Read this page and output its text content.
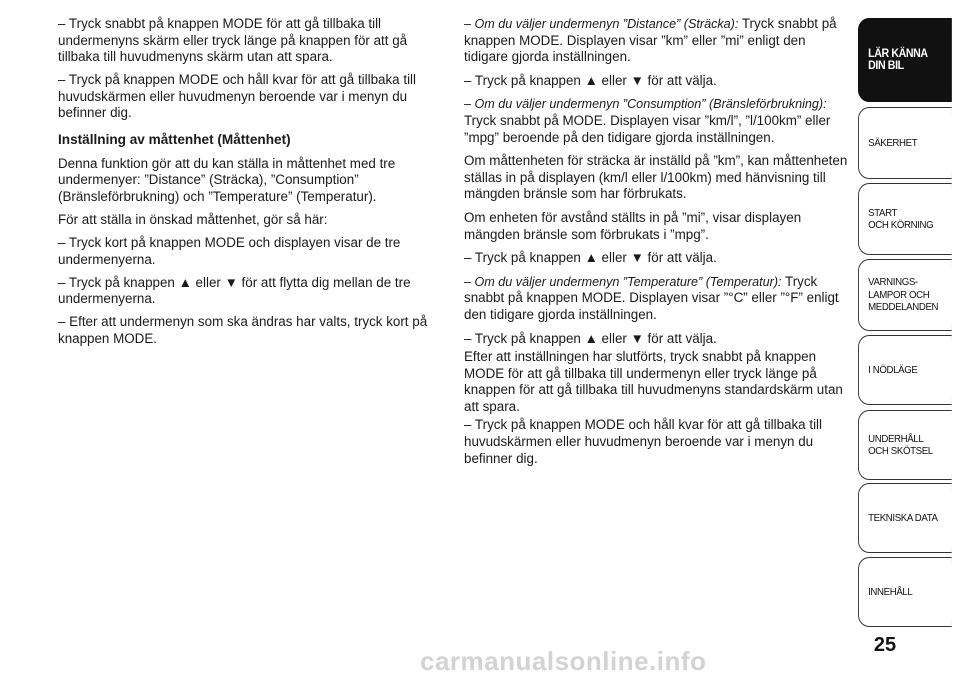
– Tryck snabbt på knappen MODE för att gå tillbaka till undermenyns skärm eller tryck länge på knappen för att gå tillbaka till huvudmenyns skärm utan att spara.

– Tryck på knappen MODE och håll kvar för att gå tillbaka till huvudskärmen eller huvudmenyn beroende var i menyn du befinner dig.

Inställning av måttenhet (Måttenhet)

Denna funktion gör att du kan ställa in måttenhet med tre undermenyer: ”Distance” (Sträcka), ”Consumption” (Bränsleförbrukning) och ”Temperature” (Temperatur).

För att ställa in önskad måttenhet, gör så här:

– Tryck kort på knappen MODE och displayen visar de tre undermenyerna.

– Tryck på knappen ▲ eller ▼ för att flytta dig mellan de tre undermenyerna.

– Efter att undermenyn som ska ändras har valts, tryck kort på knappen MODE.

– Om du väljer undermenyn ”Distance” (Sträcka): Tryck snabbt på knappen MODE. Displayen visar ”km” eller ”mi” enligt den tidigare gjorda inställningen.

– Tryck på knappen ▲ eller ▼ för att välja.

– Om du väljer undermenyn ”Consumption” (Bränsleförbrukning): Tryck snabbt på MODE. Displayen visar ”km/l”, ”l/100km” eller ”mpg” beroende på den tidigare gjorda inställningen.

Om måttenheten för sträcka är inställd på ”km”, kan måttenheten ställas in på displayen (km/l eller l/100km) med hänvisning till mängden bränsle som har förbrukats.

Om enheten för avstånd ställts in på ”mi”, visar displayen mängden bränsle som förbrukats i ”mpg”.

– Tryck på knappen ▲ eller ▼ för att välja.

– Om du väljer undermenyn ”Temperature” (Temperatur): Tryck snabbt på knappen MODE. Displayen visar ”°C” eller ”°F” enligt den tidigare gjorda inställningen.

– Tryck på knappen ▲ eller ▼ för att välja.

Efter att inställningen har slutförts, tryck snabbt på knappen MODE för att gå tillbaka till undermenyn eller tryck länge på knappen för att gå tillbaka till huvudmenyns standardskärm utan att spara.

– Tryck på knappen MODE och håll kvar för att gå tillbaka till huvudskärmen eller huvudmenyn beroende var i menyn du befinner dig.

LÄR KÄNNA
DIN BIL
SÄKERHET
START
OCH KÖRNING
VARNINGS-
LAMPOR OCH
MEDDELANDEN
I NÖDLÄGE
UNDERHÅLL
OCH SKÖTSEL
TEKNISKA DATA
INNEHÅLL
25
carmanualsonline.info
